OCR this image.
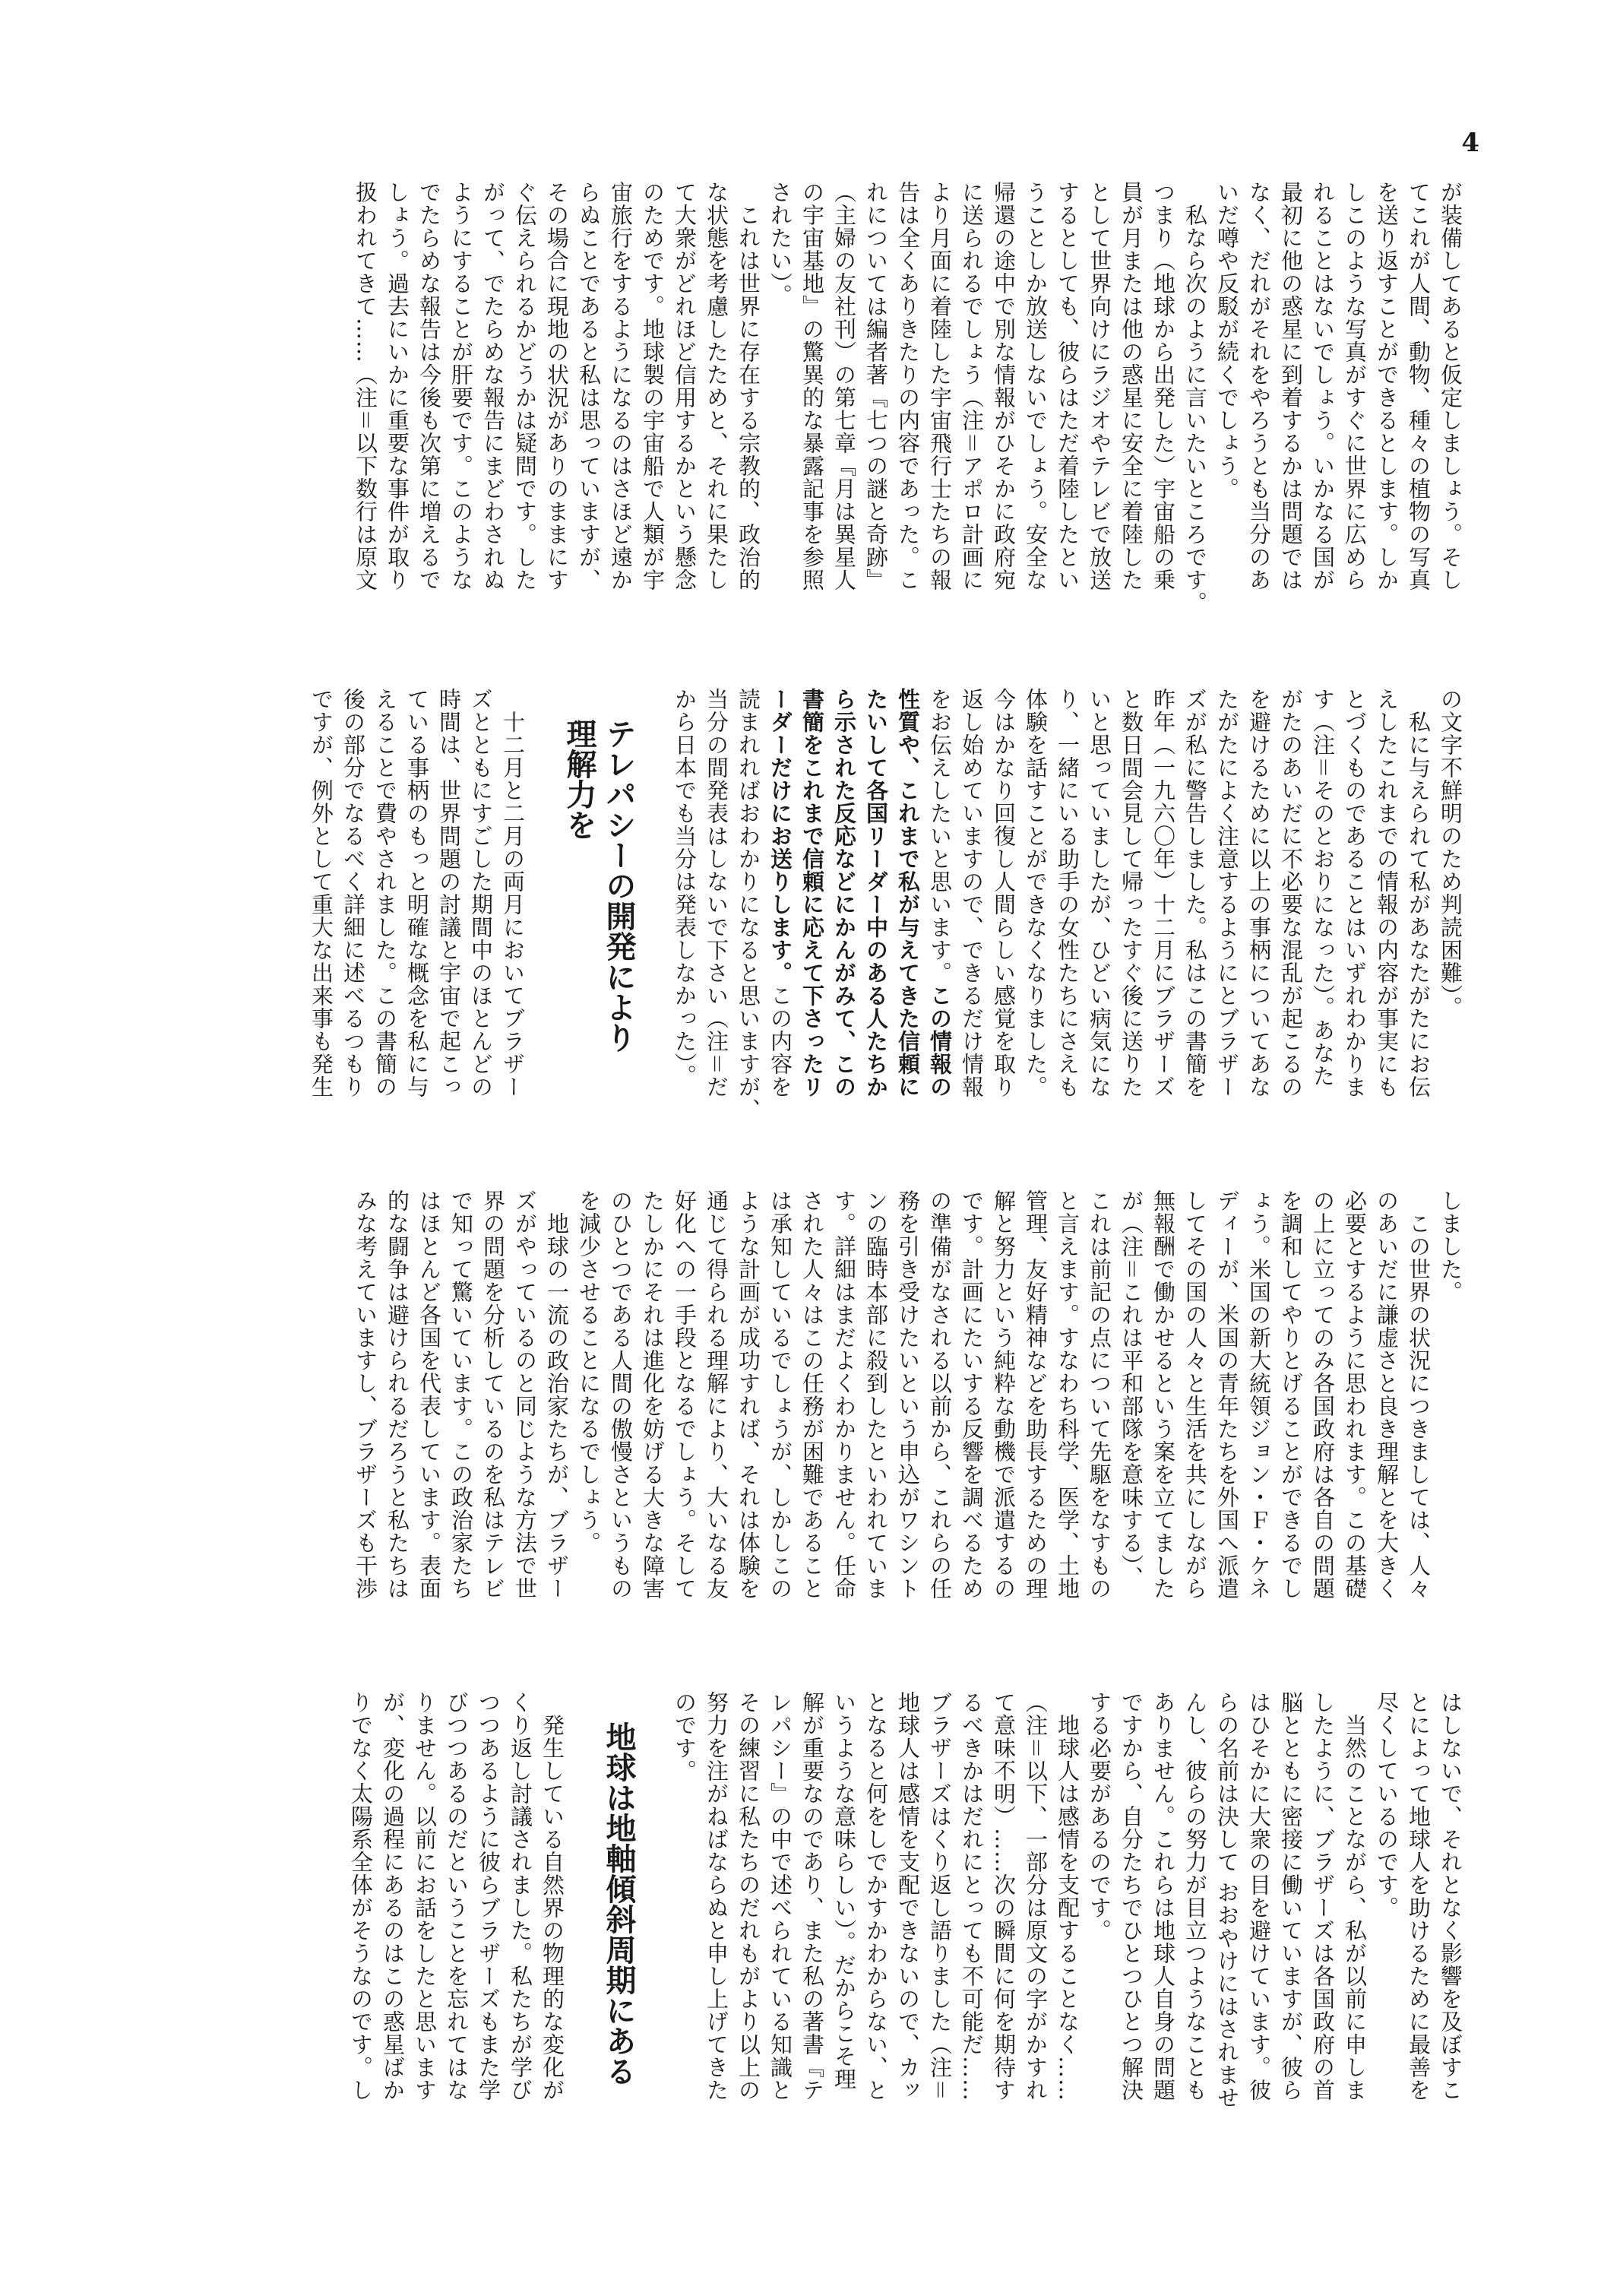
4
が装備してあると仮定しましょう。そし
てこれが人間、動物、種々の植物の写真
を送り返すことができるとします。しか
しこのような写真がすぐに世界に広めら
れることはないでしょう。いかなる国が
最初に他の惑星に到着するかは問題では
なく、だれがそれをやろうとも当分のあ
いだ噂や反駁が続くでしょう。
　私なら次のように言いたいところです。
つまり（地球から出発した）宇宙船の乗
員が月または他の惑星に安全に着陸した
として世界向けにラジオやテレビで放送
するとしても、彼らはただ着陸したとい
うことしか放送しないでしょう。安全な
帰還の途中で別な情報がひそかに政府宛
に送られるでしょう（注＝アポロ計画に
より月面に着陸した宇宙飛行士たちの報
告は全くありきたりの内容であった。こ
れについては編者著『七つの謎と奇跡』
（主婦の友社刊）の第七章『月は異星人
の宇宙基地』の驚異的な暴露記事を参照
されたい）。
　これは世界に存在する宗教的、政治的
な状態を考慮したためと、それに果たし
て大衆がどれほど信用するかという懸念
のためです。地球製の宇宙船で人類が宇
宙旅行をするようになるのはさほど遠か
らぬことであると私は思っていますが、
その場合に現地の状況がありのままにす
ぐ伝えられるかどうかは疑問です。した
がって、でたらめな報告にまどわされぬ
ようにすることが肝要です。このような
でたらめな報告は今後も次第に増えるで
しょう。過去にいかに重要な事件が取り
扱われてきて……（注＝以下数行は原文
の文字不鮮明のため判読困難）。
　私に与えられて私があなたがたにお伝
えしたこれまでの情報の内容が事実にも
とづくものであることはいずれわかりま
す（注＝そのとおりになった）。あなた
がたのあいだに不必要な混乱が起こるの
を避けるために以上の事柄についてあな
たがたによく注意するようにとブラザー
ズが私に警告しました。私はこの書簡を
昨年（一九六〇年）十二月にブラザーズ
と数日間会見して帰ったすぐ後に送りた
いと思っていましたが、ひどい病気にな
り、一緒にいる助手の女性たちにさえも
体験を話すことができなくなりました。
今はかなり回復し人間らしい感覚を取り
返し始めていますので、できるだけ情報
をお伝えしたいと思います。この情報の
性質や、これまで私が与えてきた信頼に
たいして各国リーダー中のある人たちか
ら示された反応などにかんがみて、この
書簡をこれまで信頼に応えて下さったリ
ーダーだけにお送りします。この内容を
読まれればおわかりになると思いますが、
当分の間発表はしないで下さい（注＝だ
から日本でも当分は発表しなかった）。
テレパシーの開発により
理解力を
　十二月と二月の両月においてブラザー
ズとともにすごした期間中のほとんどの
時間は、世界問題の討議と宇宙で起こっ
ている事柄のもっと明確な概念を私に与
えることで費やされました。この書簡の
後の部分でなるべく詳細に述べるつもり
ですが、例外として重大な出来事も発生
しました。
　この世界の状況につきましては、人々
のあいだに謙虚さと良き理解とを大きく
必要とするように思われます。この基礎
の上に立ってのみ各国政府は各自の問題
を調和してやりとげることができるでし
ょう。米国の新大統領ジョン・Ｆ・ケネ
ディーが、米国の青年たちを外国へ派遣
してその国の人々と生活を共にしながら
無報酬で働かせるという案を立てました
が（注＝これは平和部隊を意味する）、
これは前記の点について先駆をなすもの
と言えます。すなわち科学、医学、土地
管理、友好精神などを助長するための理
解と努力という純粋な動機で派遣するの
です。計画にたいする反響を調べるため
の準備がなされる以前から、これらの任
務を引き受けたいという申込がワシント
ンの臨時本部に殺到したといわれていま
す。詳細はまだよくわかりません。任命
された人々はこの任務が困難であること
は承知しているでしょうが、しかしこの
ような計画が成功すれば、それは体験を
通じて得られる理解により、大いなる友
好化への一手段となるでしょう。そして
たしかにそれは進化を妨げる大きな障害
のひとつである人間の傲慢さというもの
を減少させることになるでしょう。
　地球の一流の政治家たちが、ブラザー
ズがやっているのと同じような方法で世
界の問題を分析しているのを私はテレビ
で知って驚いています。この政治家たち
はほとんど各国を代表しています。表面
的な闘争は避けられるだろうと私たちは
みな考えていますし、ブラザーズも干渉
はしないで、それとなく影響を及ぼすこ
とによって地球人を助けるために最善を
尽くしているのです。
　当然のことながら、私が以前に申しま
したように、ブラザーズは各国政府の首
脳とともに密接に働いていますが、彼ら
はひそかに大衆の目を避けています。彼
らの名前は決して おおやけにはされませ
んし、彼らの努力が目立つようなことも
ありません。これらは地球人自身の問題
ですから、自分たちでひとつひとつ解決
する必要があるのです。
　地球人は感情を支配することなく……
（注＝以下、一部分は原文の字がかすれ
て意味不明）……次の瞬間に何を期待す
るべきかはだれにとっても不可能だ……
ブラザーズはくり返し語りました（注＝
地球人は感情を支配できないので、カッ
となると何をしでかすかわからない、と
いうような意味らしい）。だからこそ理
解が重要なのであり、また私の著書『テ
レパシー』の中で述べられている知識と
その練習に私たちのだれもがより以上の
努力を注がねばならぬと申し上げてきた
のです。
地球は地軸傾斜周期にある
　発生している自然界の物理的な変化が
くり返し討議されました。私たちが学び
つつあるように彼らブラザーズもまた学
びつつあるのだということを忘れてはな
りません。以前にお話をしたと思います
が、変化の過程にあるのはこの惑星ばか
りでなく太陽系全体がそうなのです。し
